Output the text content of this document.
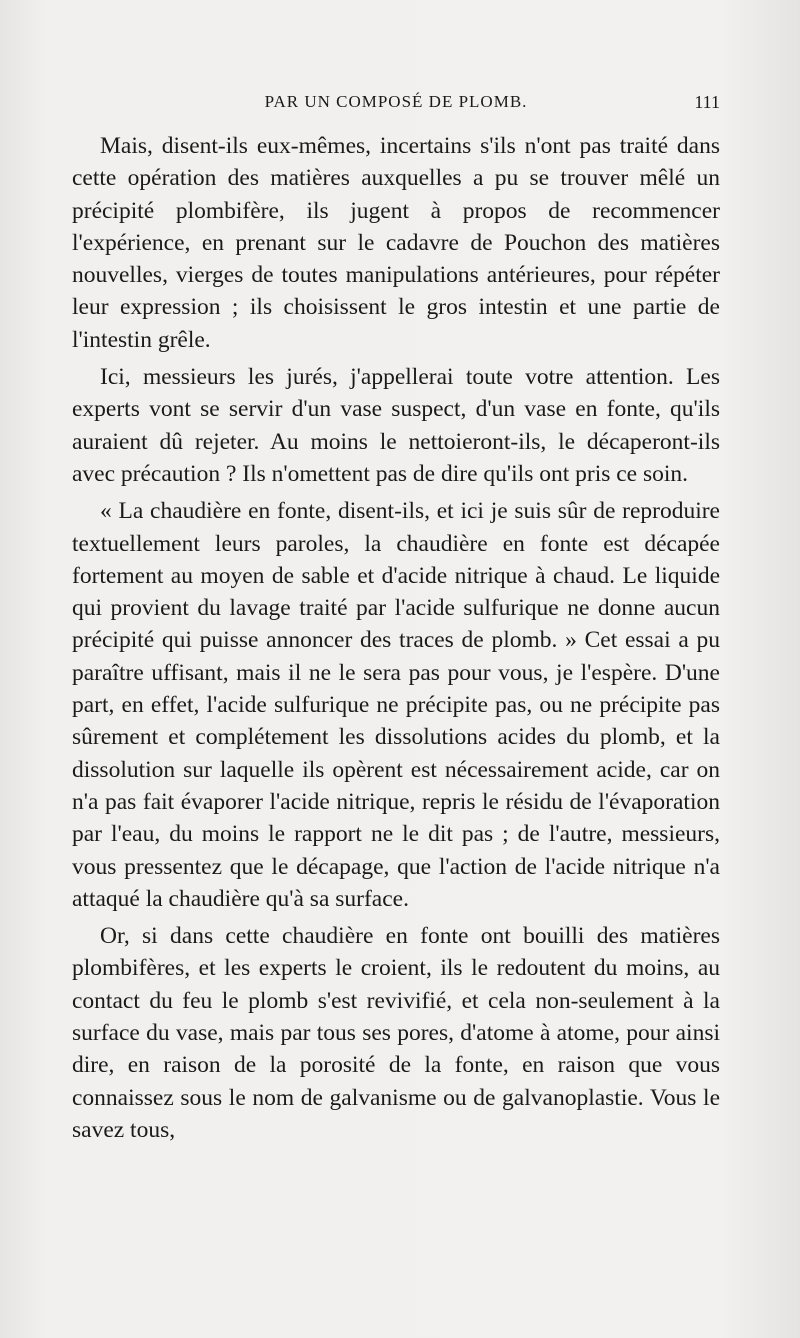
PAR UN COMPOSÉ DE PLOMB.	111

Mais, disent-ils eux-mêmes, incertains s'ils n'ont pas traité dans cette opération des matières auxquelles a pu se trouver mêlé un précipité plombifère, ils jugent à propos de recommencer l'expérience, en prenant sur le cadavre de Pouchon des matières nouvelles, vierges de toutes manipulations antérieures, pour répéter leur expression ; ils choisissent le gros intestin et une partie de l'intestin grêle.

Ici, messieurs les jurés, j'appellerai toute votre attention. Les experts vont se servir d'un vase suspect, d'un vase en fonte, qu'ils auraient dû rejeter. Au moins le nettoieront-ils, le décaperont-ils avec précaution ? Ils n'omettent pas de dire qu'ils ont pris ce soin.

« La chaudière en fonte, disent-ils, et ici je suis sûr de reproduire textuellement leurs paroles, la chaudière en fonte est décapée fortement au moyen de sable et d'acide nitrique à chaud. Le liquide qui provient du lavage traité par l'acide sulfurique ne donne aucun précipité qui puisse annoncer des traces de plomb. » Cet essai a pu paraître uffisant, mais il ne le sera pas pour vous, je l'espère. D'une part, en effet, l'acide sulfurique ne précipite pas, ou ne précipite pas sûrement et complétement les dissolutions acides du plomb, et la dissolution sur laquelle ils opèrent est nécessairement acide, car on n'a pas fait évaporer l'acide nitrique, repris le résidu de l'évaporation par l'eau, du moins le rapport ne le dit pas ; de l'autre, messieurs, vous pressentez que le décapage, que l'action de l'acide nitrique n'a attaqué la chaudière qu'à sa surface.

Or, si dans cette chaudière en fonte ont bouilli des matières plombifères, et les experts le croient, ils le redoutent du moins, au contact du feu le plomb s'est revivifié, et cela non-seulement à la surface du vase, mais par tous ses pores, d'atome à atome, pour ainsi dire, en raison de la porosité de la fonte, en raison que vous connaissez sous le nom de galvanisme ou de galvanoplastie. Vous le savez tous,
